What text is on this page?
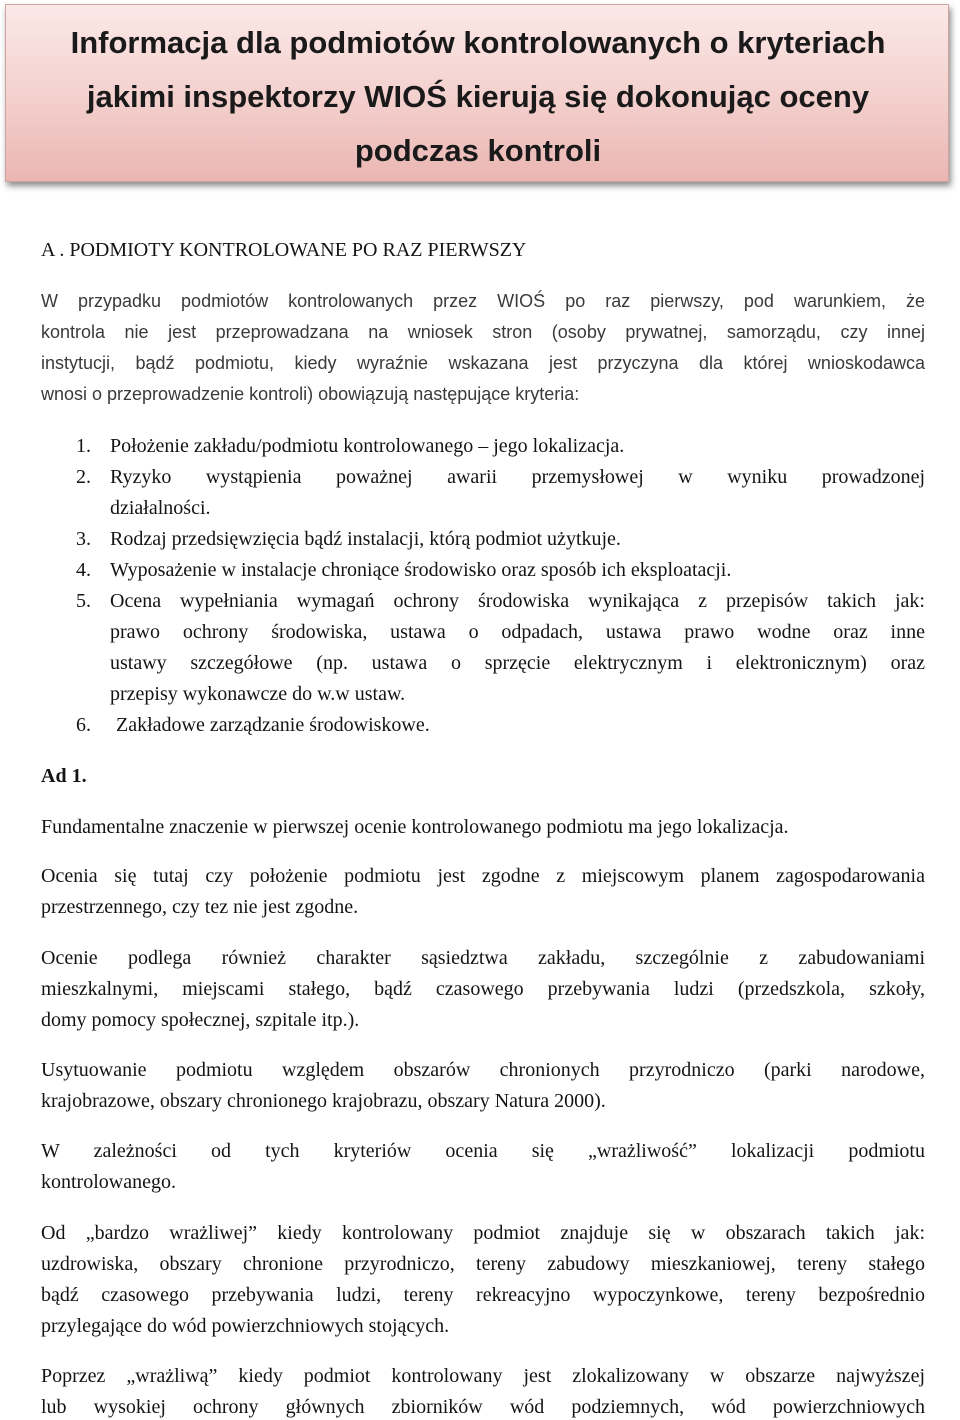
Informacja dla podmiotów kontrolowanych o kryteriach
jakimi inspektorzy WIOŚ kierują się dokonując oceny
podczas kontroli
A . PODMIOTY KONTROLOWANE PO RAZ PIERWSZY
W przypadku podmiotów kontrolowanych przez WIOŚ po raz pierwszy, pod warunkiem, że
kontrola nie jest przeprowadzana na wniosek stron (osoby prywatnej, samorządu, czy innej
instytucji, bądź podmiotu, kiedy wyraźnie wskazana jest przyczyna dla której wnioskodawca
wnosi o przeprowadzenie kontroli) obowiązują następujące kryteria:
1. Położenie zakładu/podmiotu kontrolowanego – jego lokalizacja.
2. Ryzyko wystąpienia poważnej awarii przemysłowej w wyniku prowadzonej
działalności.
3. Rodzaj przedsięwzięcia bądź instalacji, którą podmiot użytkuje.
4. Wyposażenie w instalacje chroniące środowisko oraz sposób ich eksploatacji.
5. Ocena wypełniania wymagań ochrony środowiska wynikająca z przepisów takich jak:
prawo ochrony środowiska, ustawa o odpadach, ustawa prawo wodne oraz inne
ustawy szczegółowe (np. ustawa o sprzęcie elektrycznym i elektronicznym) oraz
przepisy wykonawcze do w.w ustaw.
6. Zakładowe zarządzanie środowiskowe.
Ad 1.
Fundamentalne znaczenie w pierwszej ocenie kontrolowanego podmiotu ma jego lokalizacja.
Ocenia się tutaj czy położenie podmiotu jest zgodne z miejscowym planem zagospodarowania
przestrzennego, czy tez nie jest zgodne.
Ocenie podlega również charakter sąsiedztwa zakładu, szczególnie z zabudowaniami
mieszkalnymi, miejscami stałego, bądź czasowego przebywania ludzi (przedszkola, szkoły,
domy pomocy społecznej, szpitale itp.).
Usytuowanie podmiotu względem obszarów chronionych przyrodniczo (parki narodowe,
krajobrazowe, obszary chronionego krajobrazu, obszary Natura 2000).
W zależności od tych kryteriów ocenia się „wrażliwość” lokalizacji podmiotu
kontrolowanego.
Od „bardzo wrażliwej” kiedy kontrolowany podmiot znajduje się w obszarach takich jak:
uzdrowiska, obszary chronione przyrodniczo, tereny zabudowy mieszkaniowej, tereny stałego
bądź czasowego przebywania ludzi, tereny rekreacyjno wypoczynkowe, tereny bezpośrednio
przylegające do wód powierzchniowych stojących.
Poprzez „wrażliwą” kiedy podmiot kontrolowany jest zlokalizowany w obszarze najwyższej
lub wysokiej ochrony głównych zbiorników wód podziemnych, wód powierzchniowych
